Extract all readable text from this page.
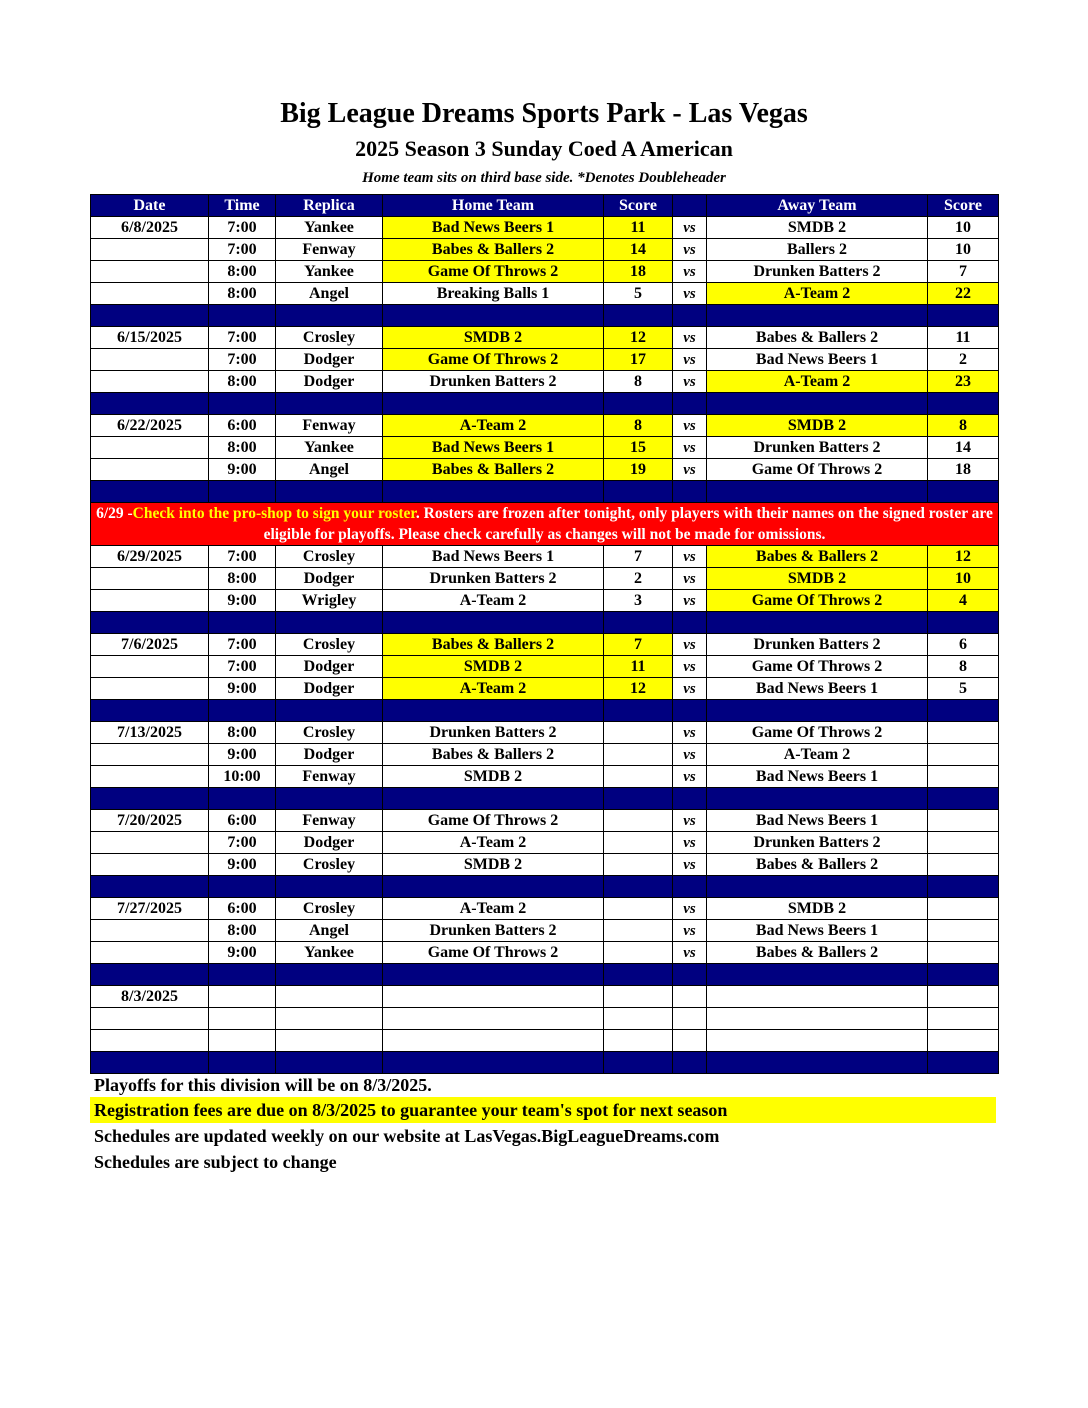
Big League Dreams Sports Park - Las Vegas
2025 Season 3 Sunday Coed A American
Home team sits on third base side. *Denotes Doubleheader
Date	Time	Replica	Home Team	Score		Away Team	Score
6/8/2025	7:00	Yankee	Bad News Beers 1	11	vs	SMDB 2	10
	7:00	Fenway	Babes & Ballers 2	14	vs	Ballers 2	10
	8:00	Yankee	Game Of Throws 2	18	vs	Drunken Batters 2	7
	8:00	Angel	Breaking Balls 1	5	vs	A-Team 2	22

6/15/2025	7:00	Crosley	SMDB 2	12	vs	Babes & Ballers 2	11
	7:00	Dodger	Game Of Throws 2	17	vs	Bad News Beers 1	2
	8:00	Dodger	Drunken Batters 2	8	vs	A-Team 2	23

6/22/2025	6:00	Fenway	A-Team 2	8	vs	SMDB 2	8
	8:00	Yankee	Bad News Beers 1	15	vs	Drunken Batters 2	14
	9:00	Angel	Babes & Ballers 2	19	vs	Game Of Throws 2	18

6/29 -Check into the pro-shop to sign your roster. Rosters are frozen after tonight, only players with their names on the signed roster are eligible for playoffs. Please check carefully as changes will not be made for omissions.							
6/29/2025	7:00	Crosley	Bad News Beers 1	7	vs	Babes & Ballers 2	12
	8:00	Dodger	Drunken Batters 2	2	vs	SMDB 2	10
	9:00	Wrigley	A-Team 2	3	vs	Game Of Throws 2	4

7/6/2025	7:00	Crosley	Babes & Ballers 2	7	vs	Drunken Batters 2	6
	7:00	Dodger	SMDB 2	11	vs	Game Of Throws 2	8
	9:00	Dodger	A-Team 2	12	vs	Bad News Beers 1	5

7/13/2025	8:00	Crosley	Drunken Batters 2		vs	Game Of Throws 2	
	9:00	Dodger	Babes & Ballers 2		vs	A-Team 2	
	10:00	Fenway	SMDB 2		vs	Bad News Beers 1	

7/20/2025	6:00	Fenway	Game Of Throws 2		vs	Bad News Beers 1	
	7:00	Dodger	A-Team 2		vs	Drunken Batters 2	
	9:00	Crosley	SMDB 2		vs	Babes & Ballers 2	

7/27/2025	6:00	Crosley	A-Team 2		vs	SMDB 2	
	8:00	Angel	Drunken Batters 2		vs	Bad News Beers 1	
	9:00	Yankee	Game Of Throws 2		vs	Babes & Ballers 2	

8/3/2025							

Playoffs for this division will be on 8/3/2025.
Registration fees are due on 8/3/2025 to guarantee your team's spot for next season
Schedules are updated weekly on our website at LasVegas.BigLeagueDreams.com
Schedules are subject to change
